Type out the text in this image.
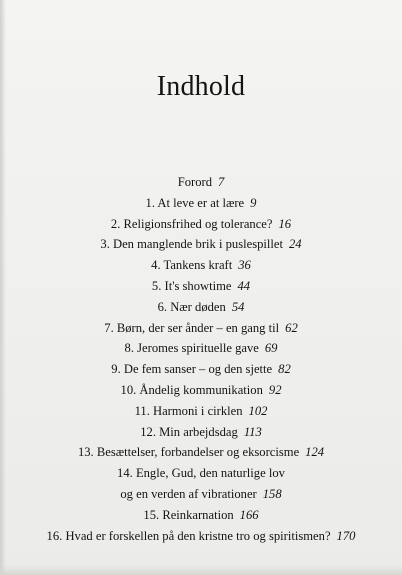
Indhold
Forord 7
1. At leve er at lære 9
2. Religionsfrihed og tolerance? 16
3. Den manglende brik i puslespillet 24
4. Tankens kraft 36
5. It's showtime 44
6. Nær døden 54
7. Børn, der ser ånder – en gang til 62
8. Jeromes spirituelle gave 69
9. De fem sanser – og den sjette 82
10. Åndelig kommunikation 92
11. Harmoni i cirklen 102
12. Min arbejdsdag 113
13. Besættelser, forbandelser og eksorcisme 124
14. Engle, Gud, den naturlige lov
og en verden af vibrationer 158
15. Reinkarnation 166
16. Hvad er forskellen på den kristne tro og spiritismen? 170
